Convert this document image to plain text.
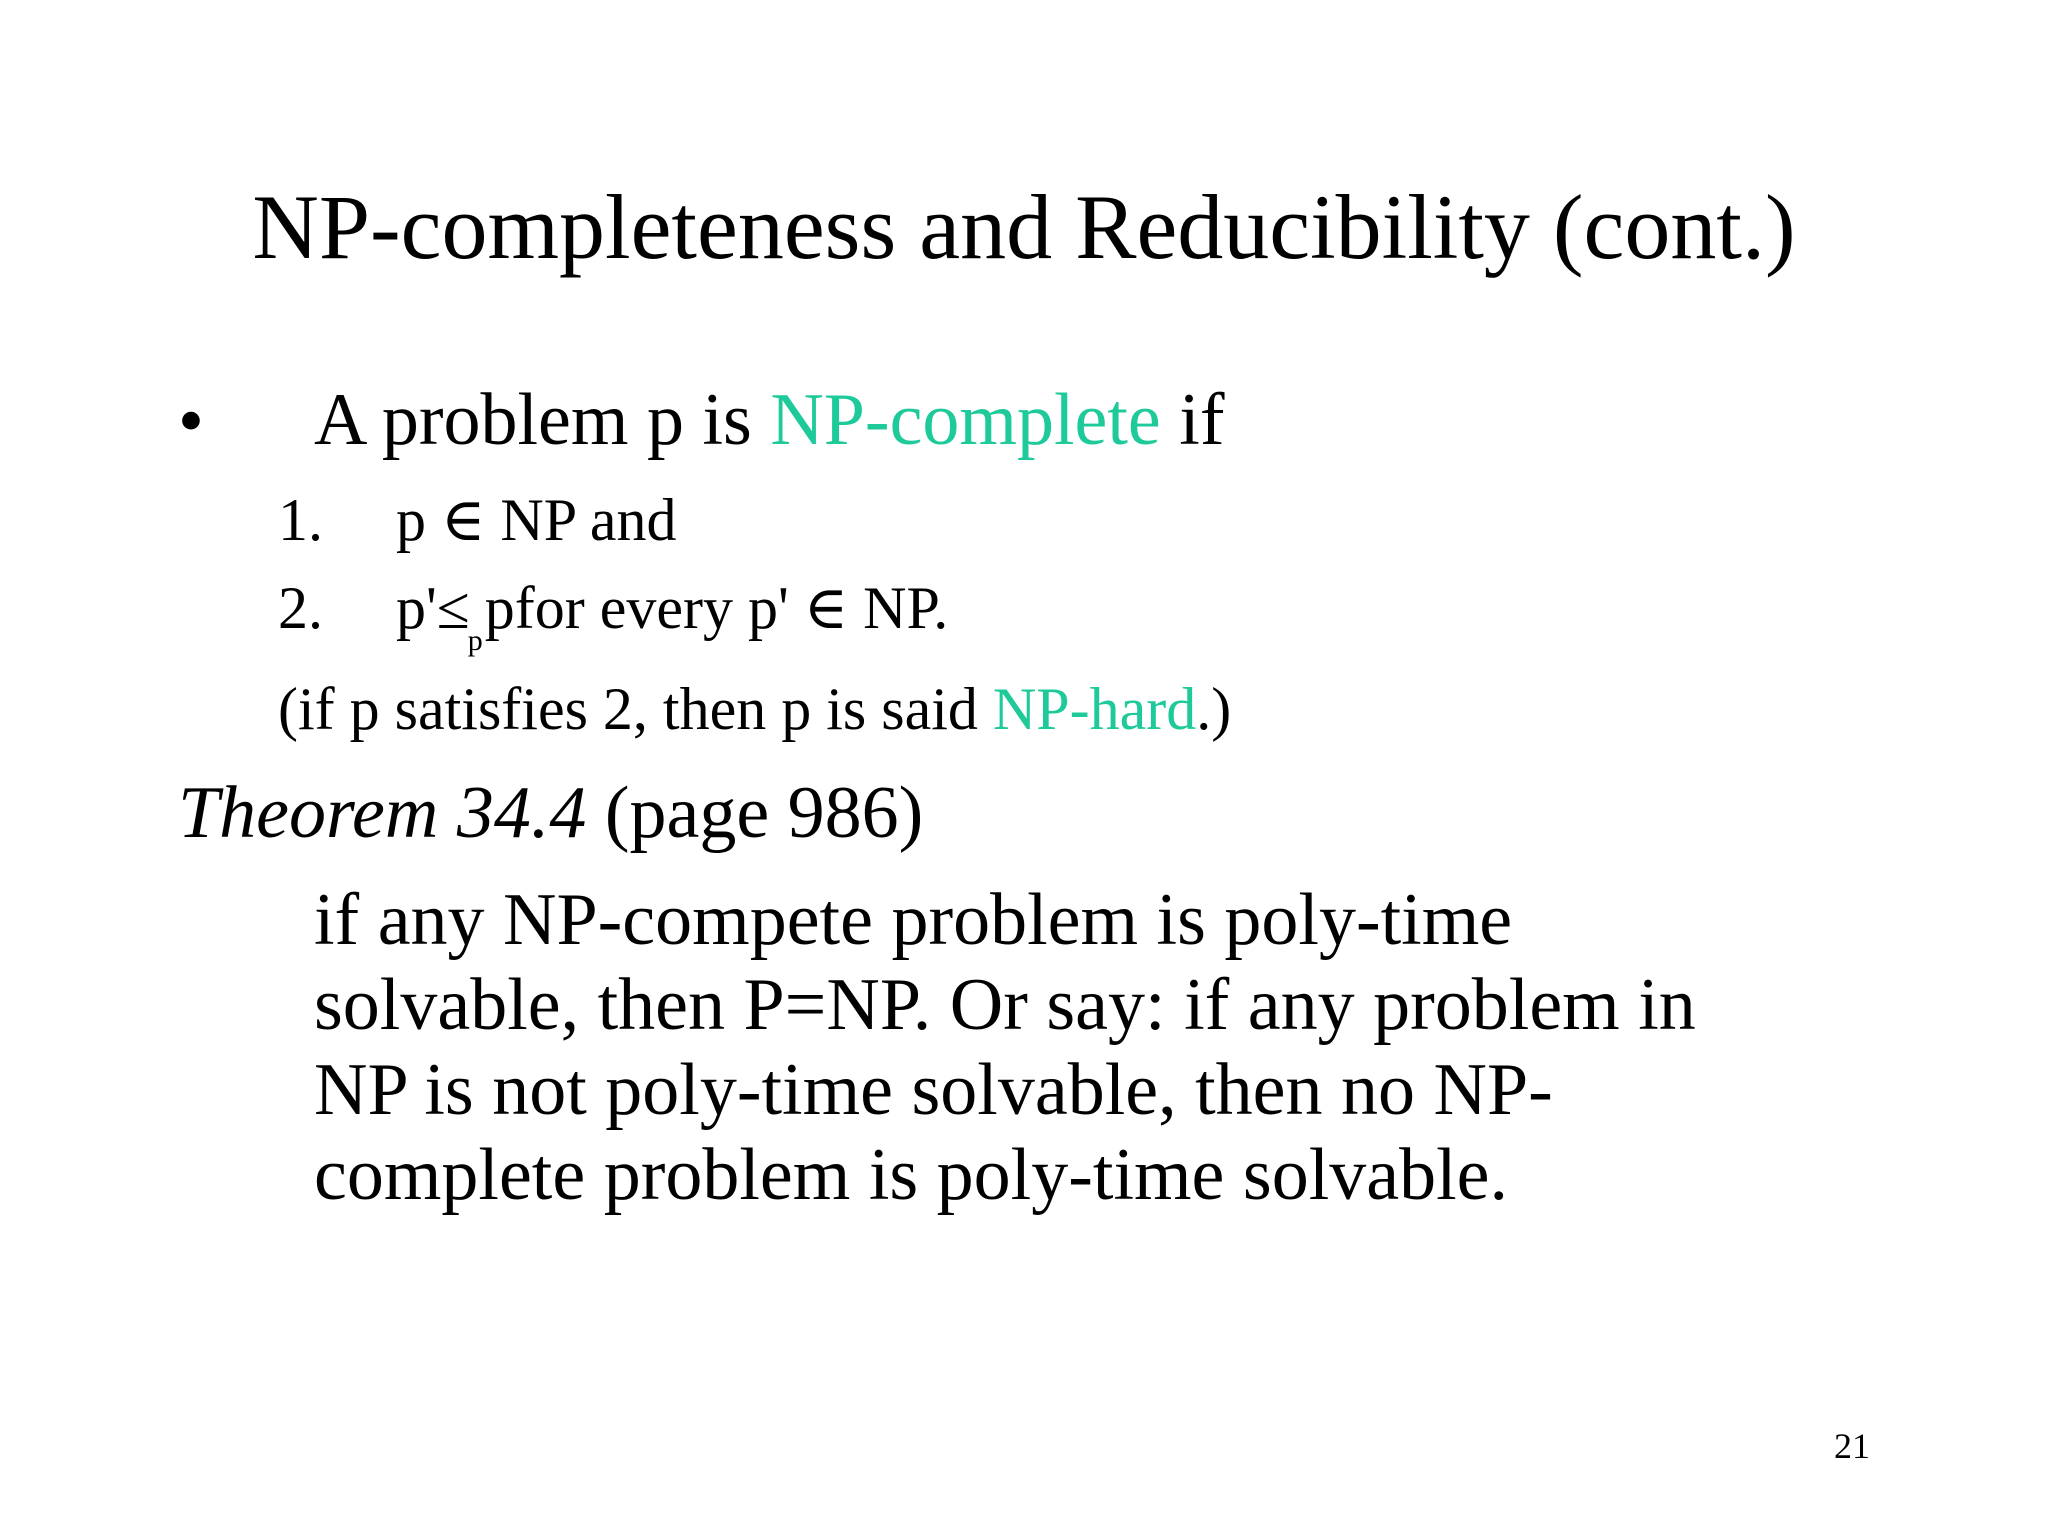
NP-completeness and Reducibility (cont.)
• A problem p is NP-complete if
1. p ∈ NP and
2. $p'\le_ppfor$ every p' ∈ NP.
(if p satisfies 2, then p is said NP-hard.)
Theorem 34.4 (page 986)
if any NP-compete problem is poly-time
solvable, then P=NP. Or say: if any problem in
NP is not poly-time solvable, then no NP-
complete problem is poly-time solvable.
21
